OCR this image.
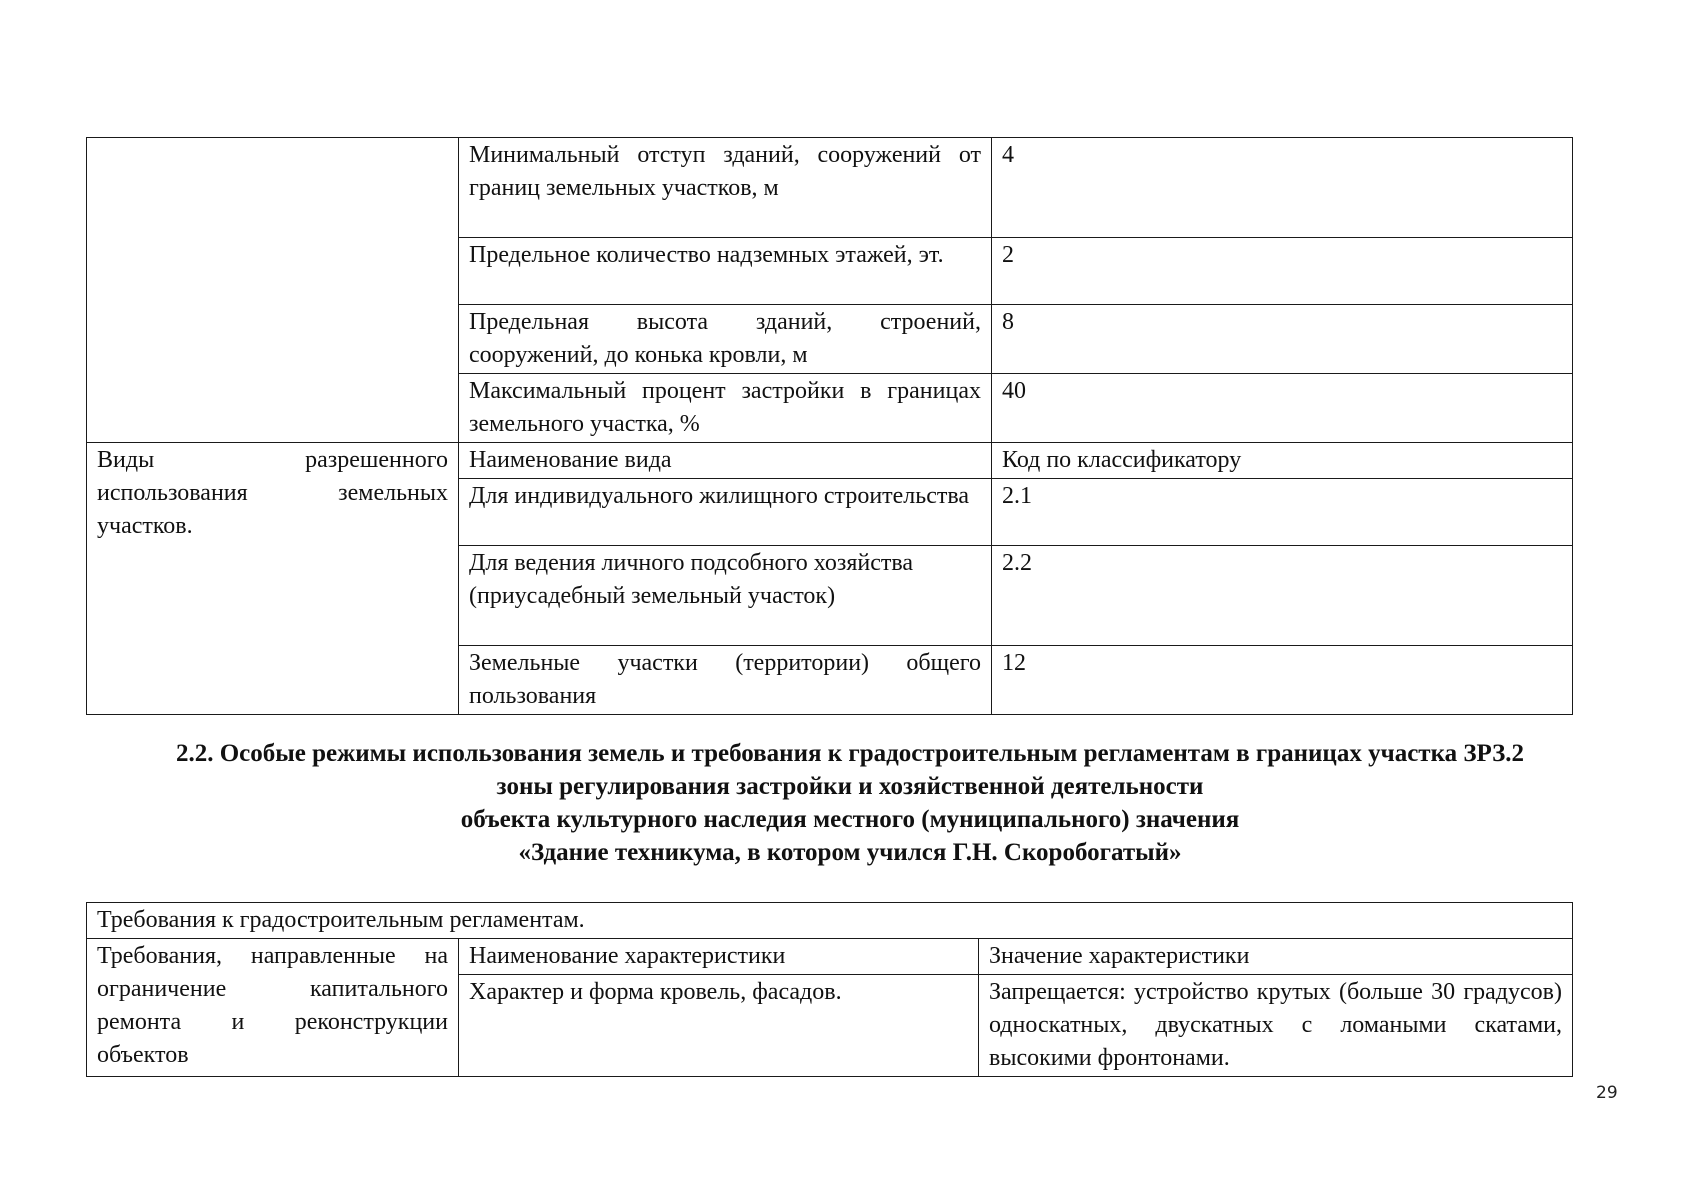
	Минимальный отступ зданий, сооружений от границ земельных участков, м	4
	Предельное количество надземных этажей, эт.	2
	Предельная высота зданий, строений, сооружений, до конька кровли, м	8
	Максимальный процент застройки в границах земельного участка, %	40
Виды разрешенного использования земельных участков.	Наименование вида	Код по классификатору
	Для индивидуального жилищного строительства	2.1
	Для ведения личного подсобного хозяйства (приусадебный земельный участок)	2.2
	Земельные участки (территории) общего пользования	12
2.2. Особые режимы использования земель и требования к градостроительным регламентам в границах участка ЗРЗ.2
зоны регулирования застройки и хозяйственной деятельности
объекта культурного наследия местного (муниципального) значения
«Здание техникума, в котором учился Г.Н. Скоробогатый»
Требования к градостроительным регламентам.		
Требования, направленные на ограничение капитального ремонта и реконструкции объектов	Наименование характеристики	Значение характеристики
	Характер и форма кровель, фасадов.	Запрещается: устройство крутых (больше 30 градусов) односкатных, двускатных с ломаными скатами, высокими фронтонами.
29
